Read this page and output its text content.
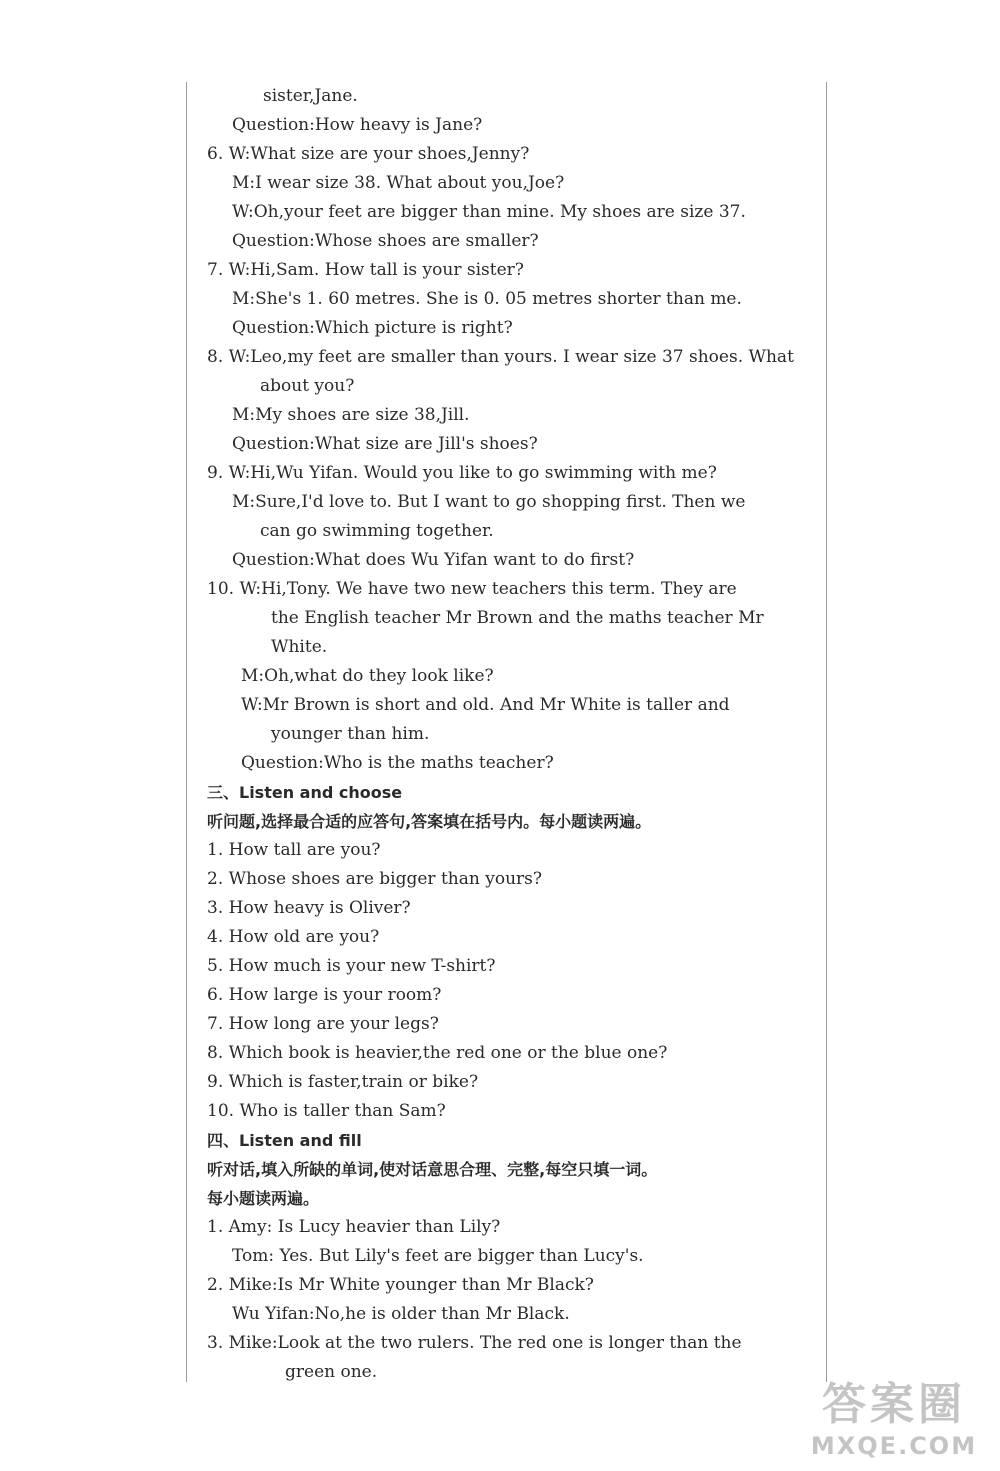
sister,Jane.
Question:How heavy is Jane?
6. W:What size are your shoes,Jenny?
M:I wear size 38. What about you,Joe?
W:Oh,your feet are bigger than mine. My shoes are size 37.
Question:Whose shoes are smaller?
7. W:Hi,Sam. How tall is your sister?
M:She's 1. 60 metres. She is 0. 05 metres shorter than me.
Question:Which picture is right?
8. W:Leo,my feet are smaller than yours. I wear size 37 shoes. What
about you?
M:My shoes are size 38,Jill.
Question:What size are Jill's shoes?
9. W:Hi,Wu Yifan. Would you like to go swimming with me?
M:Sure,I'd love to. But I want to go shopping first. Then we
can go swimming together.
Question:What does Wu Yifan want to do first?
10. W:Hi,Tony. We have two new teachers this term. They are
the English teacher Mr Brown and the maths teacher Mr
White.
M:Oh,what do they look like?
W:Mr Brown is short and old. And Mr White is taller and
younger than him.
Question:Who is the maths teacher?
三、Listen and choose
听问题,选择最合适的应答句,答案填在括号内。每小题读两遍。
1. How tall are you?
2. Whose shoes are bigger than yours?
3. How heavy is Oliver?
4. How old are you?
5. How much is your new T-shirt?
6. How large is your room?
7. How long are your legs?
8. Which book is heavier,the red one or the blue one?
9. Which is faster,train or bike?
10. Who is taller than Sam?
四、Listen and fill
听对话,填入所缺的单词,使对话意思合理、完整,每空只填一词。
每小题读两遍。
1. Amy: Is Lucy heavier than Lily?
Tom: Yes. But Lily's feet are bigger than Lucy's.
2. Mike:Is Mr White younger than Mr Black?
Wu Yifan:No,he is older than Mr Black.
3. Mike:Look at the two rulers. The red one is longer than the
green one.
答案圈
MXQE.COM
